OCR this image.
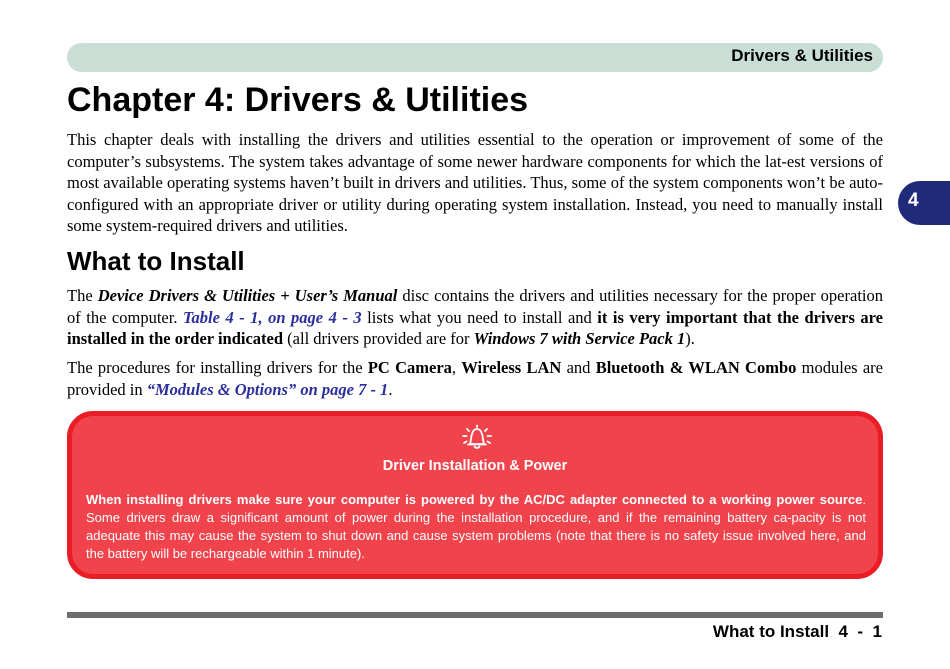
Drivers & Utilities
4
Chapter 4: Drivers & Utilities

This chapter deals with installing the drivers and utilities essential to the operation or improvement of some of the computer’s subsystems. The system takes advantage of some newer hardware components for which the lat-est versions of most available operating systems haven’t built in drivers and utilities. Thus, some of the system components won’t be auto-configured with an appropriate driver or utility during operating system installation. Instead, you need to manually install some system-required drivers and utilities.

What to Install

The Device Drivers & Utilities + User’s Manual disc contains the drivers and utilities necessary for the proper operation of the computer. Table 4 - 1, on page 4 - 3 lists what you need to install and it is very important that the drivers are installed in the order indicated (all drivers provided are for Windows 7 with Service Pack 1).

The procedures for installing drivers for the PC Camera, Wireless LAN and Bluetooth & WLAN Combo modules are provided in “Modules & Options” on page 7 - 1.

Driver Installation & Power

When installing drivers make sure your computer is powered by the AC/DC adapter connected to a working power source. Some drivers draw a significant amount of power during the installation procedure, and if the remaining battery ca-pacity is not adequate this may cause the system to shut down and cause system problems (note that there is no safety issue involved here, and the battery will be rechargeable within 1 minute).

What to Install  4  -  1
